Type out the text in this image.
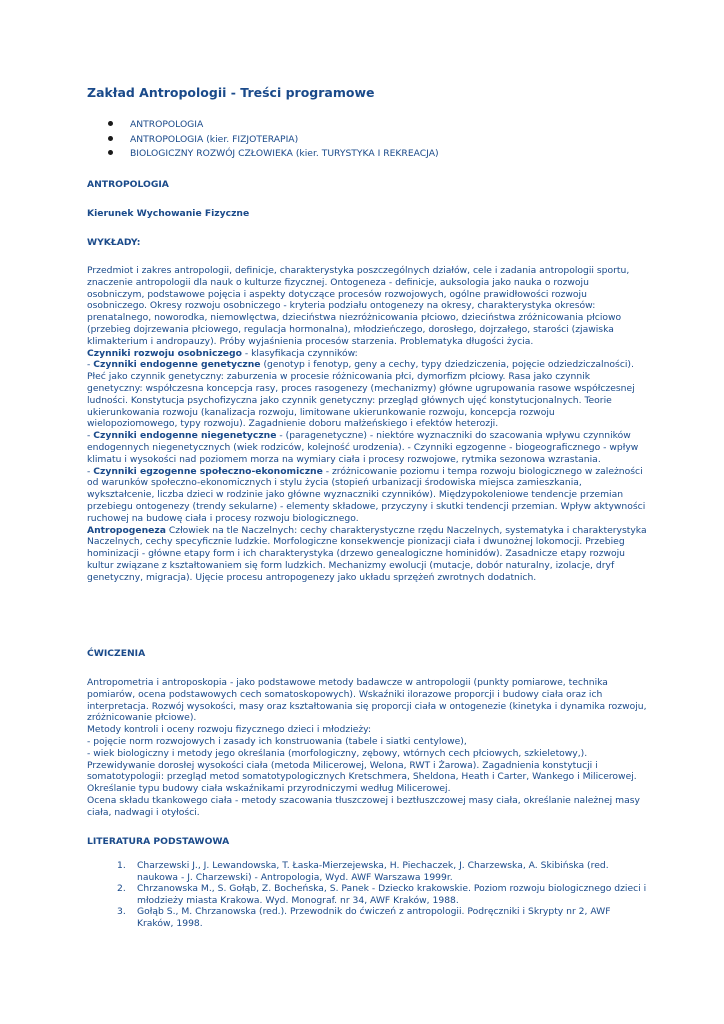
Zakład Antropologii - Treści programowe
ANTROPOLOGIA
ANTROPOLOGIA (kier. FIZJOTERAPIA)
BIOLOGICZNY ROZWÓJ CZŁOWIEKA (kier. TURYSTYKA I REKREACJA)

ANTROPOLOGIA

Kierunek Wychowanie Fizyczne

WYKŁADY:

Przedmiot i zakres antropologii, definicje, charakterystyka poszczególnych działów, cele i zadania antropologii sportu, znaczenie antropologii dla nauk o kulturze fizycznej. Ontogeneza - definicje, auksologia jako nauka o rozwoju osobniczym, podstawowe pojęcia i aspekty dotyczące procesów rozwojowych, ogólne prawidłowości rozwoju osobniczego. Okresy rozwoju osobniczego - kryteria podziału ontogenezy na okresy, charakterystyka okresów: prenatalnego, noworodka, niemowlęctwa, dzieciństwa niezróżnicowania płciowo, dzieciństwa zróżnicowania płciowo (przebieg dojrzewania płciowego, regulacja hormonalna), młodzieńczego, dorosłego, dojrzałego, starości (zjawiska klimakterium i andropauzy). Próby wyjaśnienia procesów starzenia. Problematyka długości życia.
Czynniki rozwoju osobniczego - klasyfikacja czynników:
- Czynniki endogenne genetyczne (genotyp i fenotyp, geny a cechy, typy dziedziczenia, pojęcie odziedziczalności). Płeć jako czynnik genetyczny: zaburzenia w procesie różnicowania płci, dymorfizm płciowy. Rasa jako czynnik genetyczny: współczesna koncepcja rasy, proces rasogenezy (mechanizmy) główne ugrupowania rasowe współczesnej ludności. Konstytucja psychofizyczna jako czynnik genetyczny: przegląd głównych ujęć konstytucjonalnych. Teorie ukierunkowania rozwoju (kanalizacja rozwoju, limitowane ukierunkowanie rozwoju, koncepcja rozwoju wielopoziomowego, typy rozwoju). Zagadnienie doboru małżeńskiego i efektów heterozji.
- Czynniki endogenne niegenetyczne - (paragenetyczne) - niektóre wyznaczniki do szacowania wpływu czynników endogennych niegenetycznych (wiek rodziców, kolejność urodzenia). - Czynniki egzogenne - biogeograficznego - wpływ klimatu i wysokości nad poziomem morza na wymiary ciała i procesy rozwojowe, rytmika sezonowa wzrastania.
- Czynniki egzogenne społeczno-ekonomiczne - zróżnicowanie poziomu i tempa rozwoju biologicznego w zależności od warunków społeczno-ekonomicznych i stylu życia (stopień urbanizacji środowiska miejsca zamieszkania, wykształcenie, liczba dzieci w rodzinie jako główne wyznaczniki czynników). Międzypokoleniowe tendencje przemian przebiegu ontogenezy (trendy sekularne) - elementy składowe, przyczyny i skutki tendencji przemian. Wpływ aktywności ruchowej na budowę ciała i procesy rozwoju biologicznego.
Antropogeneza Człowiek na tle Naczelnych: cechy charakterystyczne rzędu Naczelnych, systematyka i charakterystyka Naczelnych, cechy specyficznie ludzkie. Morfologiczne konsekwencje pionizacji ciała i dwunożnej lokomocji. Przebieg hominizacji - główne etapy form i ich charakterystyka (drzewo genealogiczne hominidów). Zasadnicze etapy rozwoju kultur związane z kształtowaniem się form ludzkich. Mechanizmy ewolucji (mutacje, dobór naturalny, izolacje, dryf genetyczny, migracja). Ujęcie procesu antropogenezy jako układu sprzężeń zwrotnych dodatnich.

ĆWICZENIA

Antropometria i antroposkopia - jako podstawowe metody badawcze w antropologii (punkty pomiarowe, technika pomiarów, ocena podstawowych cech somatoskopowych). Wskaźniki ilorazowe proporcji i budowy ciała oraz ich interpretacja. Rozwój wysokości, masy oraz kształtowania się proporcji ciała w ontogenezie (kinetyka i dynamika rozwoju, zróżnicowanie płciowe).
Metody kontroli i oceny rozwoju fizycznego dzieci i młodzieży:
- pojęcie norm rozwojowych i zasady ich konstruowania (tabele i siatki centylowe),
- wiek biologiczny i metody jego określania (morfologiczny, zębowy, wtórnych cech płciowych, szkieletowy,).
Przewidywanie dorosłej wysokości ciała (metoda Milicerowej, Welona, RWT i Żarowa). Zagadnienia konstytucji i somatotypologii: przegląd metod somatotypologicznych Kretschmera, Sheldona, Heath i Carter, Wankego i Milicerowej. Określanie typu budowy ciała wskaźnikami przyrodniczymi według Milicerowej.
Ocena składu tkankowego ciała - metody szacowania tłuszczowej i beztłuszczowej masy ciała, określanie należnej masy ciała, nadwagi i otyłości.

LITERATURA PODSTAWOWA

1. Charzewski J., J. Lewandowska, T. Łaska-Mierzejewska, H. Piechaczek, J. Charzewska, A. Skibińska (red. naukowa - J. Charzewski) - Antropologia, Wyd. AWF Warszawa 1999r.
2. Chrzanowska M., S. Gołąb, Z. Bocheńska, S. Panek - Dziecko krakowskie. Poziom rozwoju biologicznego dzieci i młodzieży miasta Krakowa. Wyd. Monograf. nr 34, AWF Kraków, 1988.
3. Gołąb S., M. Chrzanowska (red.). Przewodnik do ćwiczeń z antropologii. Podręczniki i Skrypty nr 2, AWF Kraków, 1998.
